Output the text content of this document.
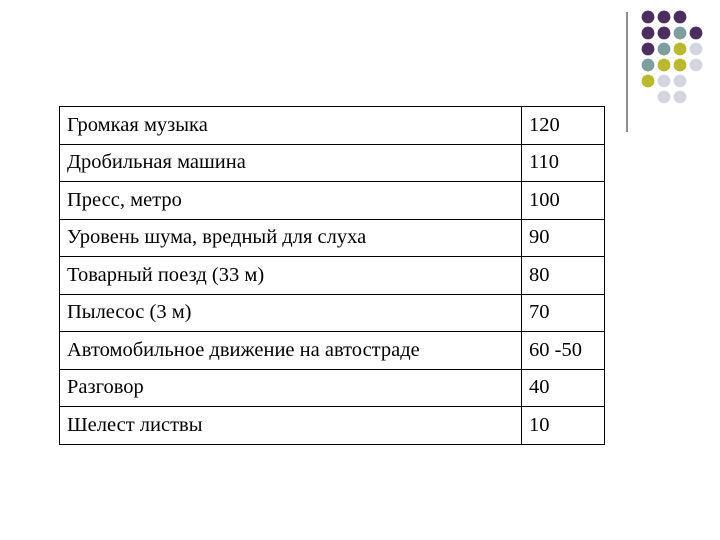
Громкая музыка	120
Дробильная машина	110
Пресс, метро	100
Уровень шума, вредный для слуха	90
Товарный поезд (33 м)	80
Пылесос (3 м)	70
Автомобильное движение на автостраде	60 -50
Разговор	40
Шелест листвы	10
